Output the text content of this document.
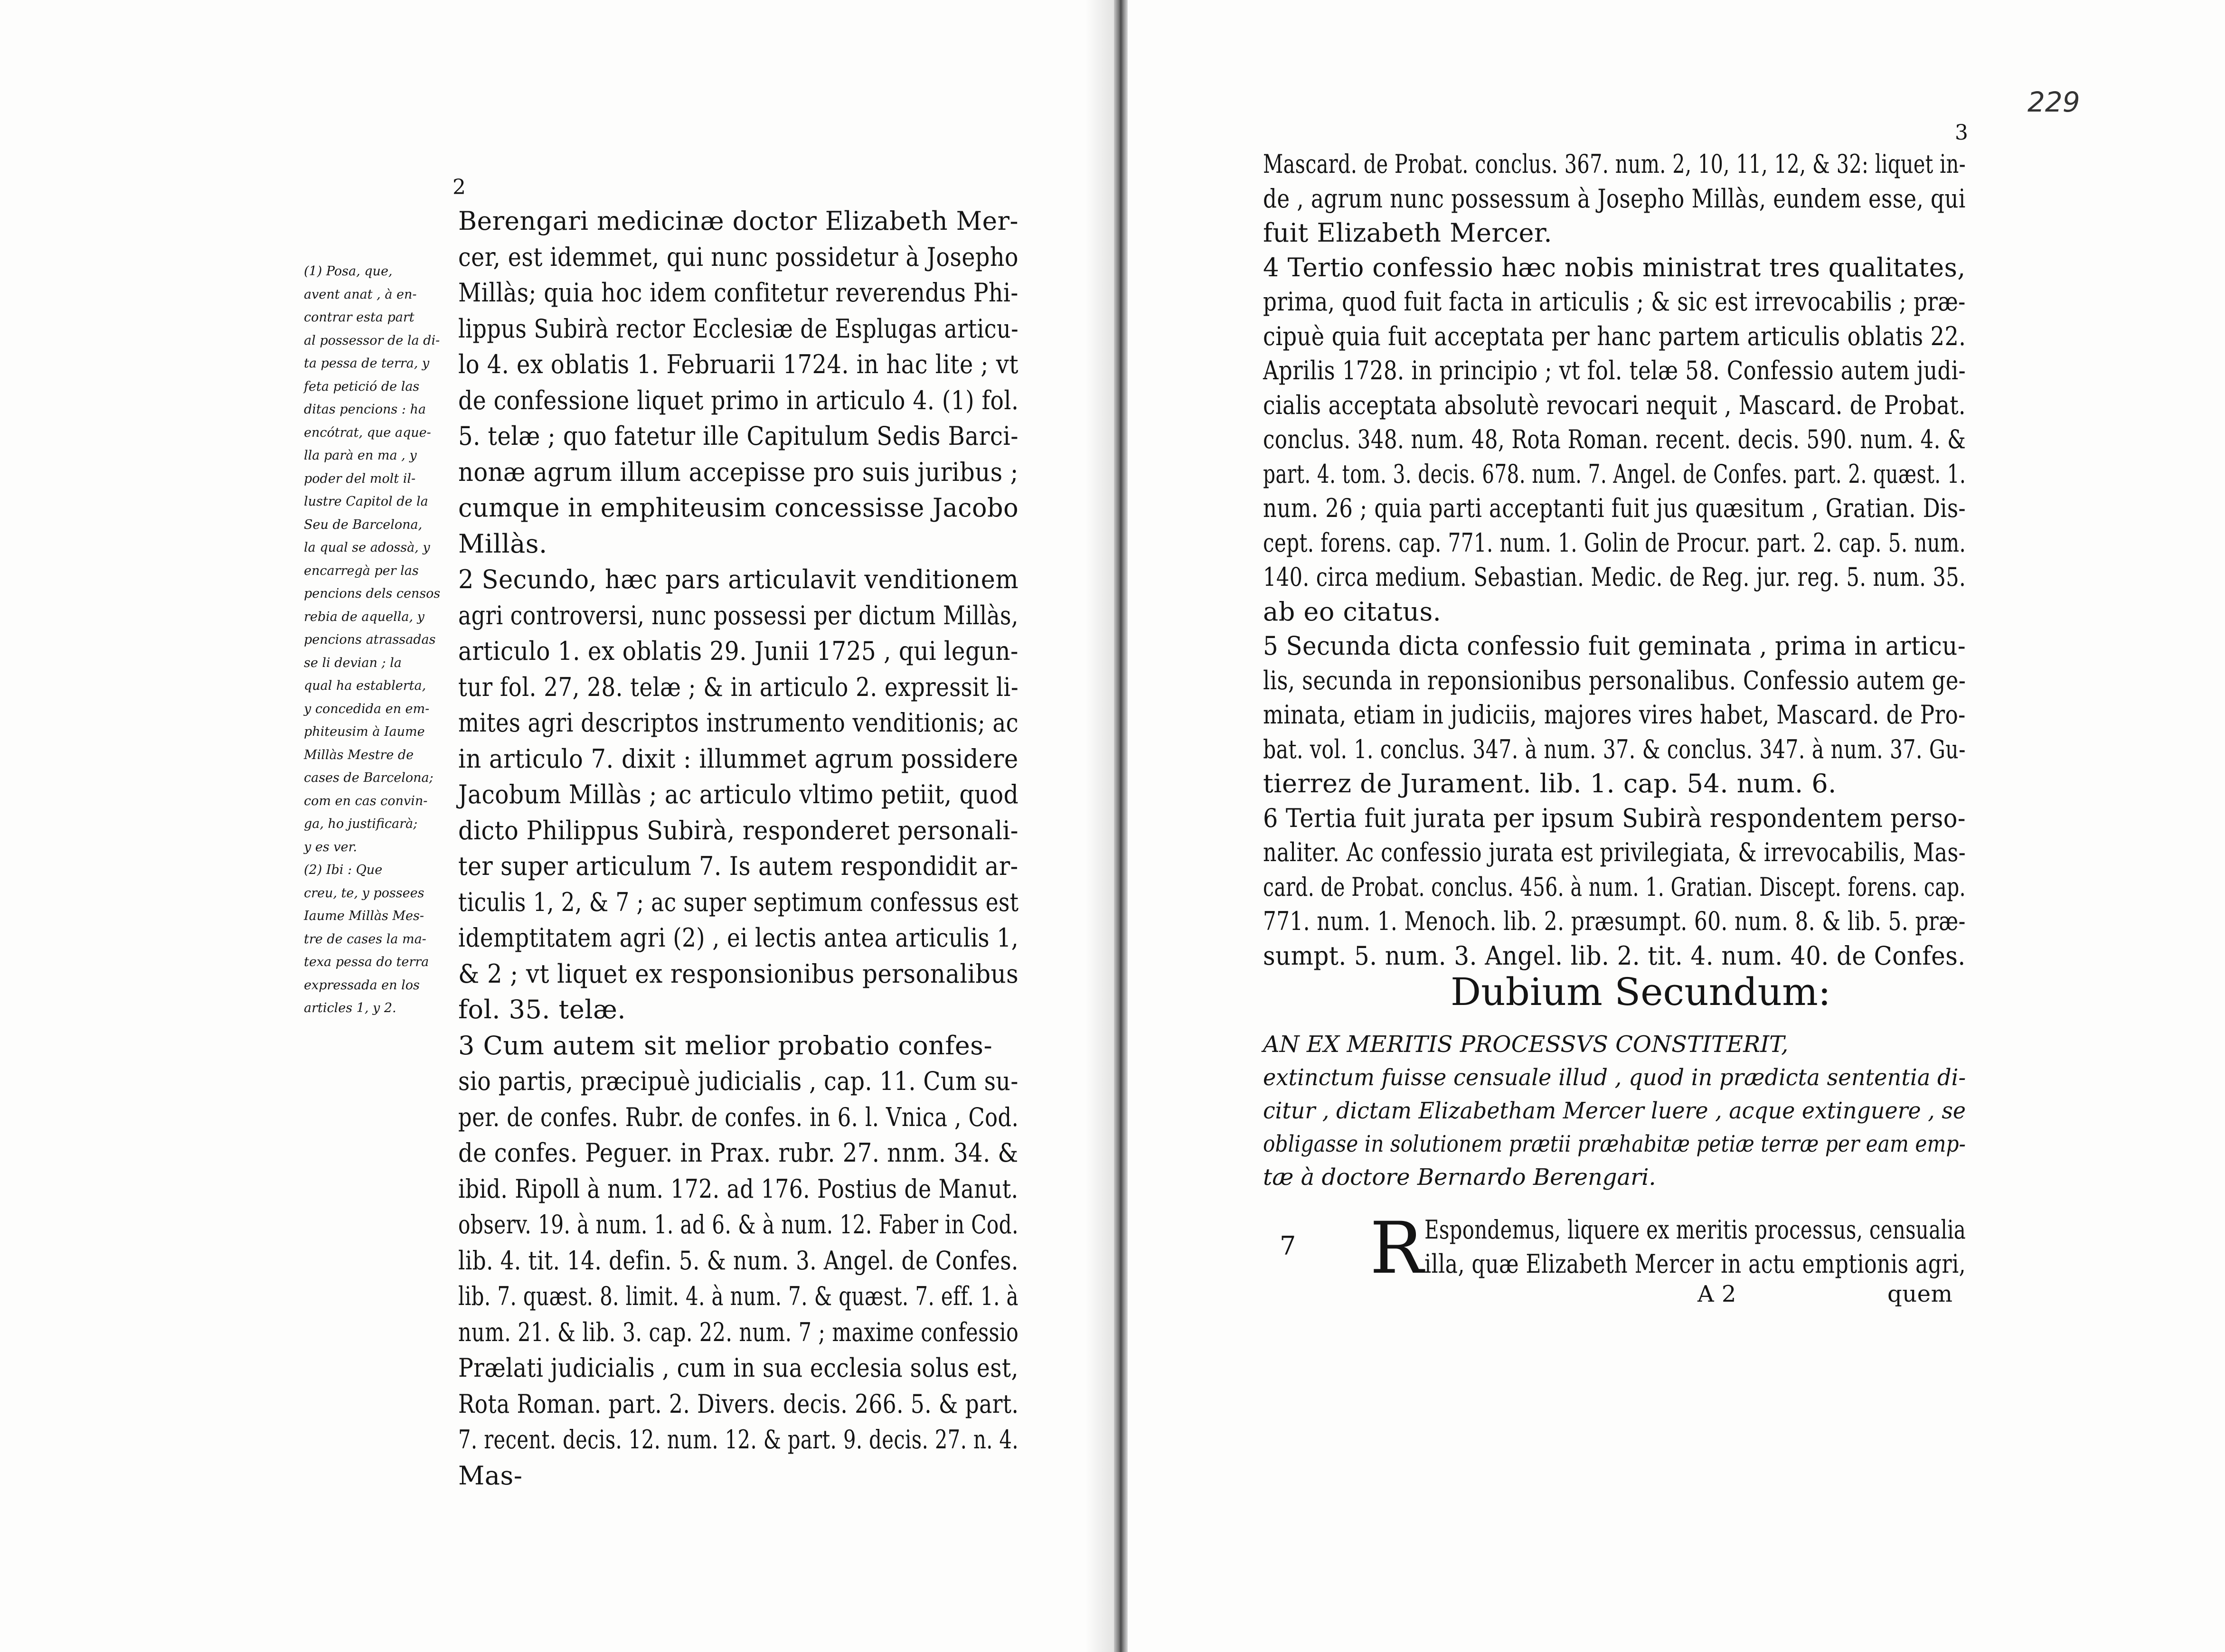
2
(1) Posa, que,
avent anat , à en-
contrar esta part
al possessor de la di-
ta pessa de terra, y
feta petició de las
ditas pencions : ha
encótrat, que aque-
lla parà en ma , y
poder del molt il-
lustre Capitol de la
Seu de Barcelona,
la qual se adossà, y
encarregà per las
pencions dels censos
rebia de aquella, y
pencions atrassadas
se li devian ; la
qual ha establerta,
y concedida en em-
phiteusim à Iaume
Millàs Mestre de
cases de Barcelona;
com en cas convin-
ga, ho justificarà;
y es ver.
(2) Ibi : Que
creu, te, y possees
Iaume Millàs Mes-
tre de cases la ma-
texa pessa do terra
expressada en los
articles 1, y 2.
Berengari medicinæ doctor Elizabeth Mer-
cer, est idemmet, qui nunc possidetur à Josepho
Millàs; quia hoc idem confitetur reverendus Phi-
lippus Subirà rector Ecclesiæ de Esplugas articu-
lo 4. ex oblatis 1. Februarii 1724. in hac lite ; vt
de confessione liquet primo in articulo 4. (1) fol.
5. telæ ; quo fatetur ille Capitulum Sedis Barci-
nonæ agrum illum accepisse pro suis juribus ;
cumque in emphiteusim concessisse Jacobo
Millàs.
2 Secundo, hæc pars articulavit venditionem
agri controversi, nunc possessi per dictum Millàs,
articulo 1. ex oblatis 29. Junii 1725 , qui legun-
tur fol. 27, 28. telæ ; & in articulo 2. expressit li-
mites agri descriptos instrumento venditionis; ac
in articulo 7. dixit : illummet agrum possidere
Jacobum Millàs ; ac articulo vltimo petiit, quod
dicto Philippus Subirà, responderet personali-
ter super articulum 7. Is autem respondidit ar-
ticulis 1, 2, & 7 ; ac super septimum confessus est
idemptitatem agri (2) , ei lectis antea articulis 1,
& 2 ; vt liquet ex responsionibus personalibus
fol. 35. telæ.
3 Cum autem sit melior probatio confes-
sio partis, præcipuè judicialis , cap. 11. Cum su-
per. de confes. Rubr. de confes. in 6. l. Vnica , Cod.
de confes. Peguer. in Prax. rubr. 27. nnm. 34. &
ibid. Ripoll à num. 172. ad 176. Postius de Manut.
observ. 19. à num. 1. ad 6. & à num. 12. Faber in Cod.
lib. 4. tit. 14. defin. 5. & num. 3. Angel. de Confes.
lib. 7. quæst. 8. limit. 4. à num. 7. & quæst. 7. eff. 1. à
num. 21. & lib. 3. cap. 22. num. 7 ; maxime confessio
Prælati judicialis , cum in sua ecclesia solus est,
Rota Roman. part. 2. Divers. decis. 266. 5. & part.
7. recent. decis. 12. num. 12. & part. 9. decis. 27. n. 4.
Mas-
229
3
Mascard. de Probat. conclus. 367. num. 2, 10, 11, 12, & 32: liquet in-
de , agrum nunc possessum à Josepho Millàs, eundem esse, qui
fuit Elizabeth Mercer.
4 Tertio confessio hæc nobis ministrat tres qualitates,
prima, quod fuit facta in articulis ; & sic est irrevocabilis ; præ-
cipuè quia fuit acceptata per hanc partem articulis oblatis 22.
Aprilis 1728. in principio ; vt fol. telæ 58. Confessio autem judi-
cialis acceptata absolutè revocari nequit , Mascard. de Probat.
conclus. 348. num. 48, Rota Roman. recent. decis. 590. num. 4. &
part. 4. tom. 3. decis. 678. num. 7. Angel. de Confes. part. 2. quæst. 1.
num. 26 ; quia parti acceptanti fuit jus quæsitum , Gratian. Dis-
cept. forens. cap. 771. num. 1. Golin de Procur. part. 2. cap. 5. num.
140. circa medium. Sebastian. Medic. de Reg. jur. reg. 5. num. 35.
ab eo citatus.
5 Secunda dicta confessio fuit geminata , prima in articu-
lis, secunda in reponsionibus personalibus. Confessio autem ge-
minata, etiam in judiciis, majores vires habet, Mascard. de Pro-
bat. vol. 1. conclus. 347. à num. 37. & conclus. 347. à num. 37. Gu-
tierrez de Jurament. lib. 1. cap. 54. num. 6.
6 Tertia fuit jurata per ipsum Subirà respondentem perso-
naliter. Ac confessio jurata est privilegiata, & irrevocabilis, Mas-
card. de Probat. conclus. 456. à num. 1. Gratian. Discept. forens. cap.
771. num. 1. Menoch. lib. 2. præsumpt. 60. num. 8. & lib. 5. præ-
sumpt. 5. num. 3. Angel. lib. 2. tit. 4. num. 40. de Confes.
Dubium Secundum:
AN EX MERITIS PROCESSVS CONSTITERIT,
extinctum fuisse censuale illud , quod in prædicta sententia di-
citur , dictam Elizabetham Mercer luere , acque extinguere , se
obligasse in solutionem prætii præhabitæ petiæ terræ per eam emp-
tæ à doctore Bernardo Berengari.
7 R Espondemus, liquere ex meritis processus, censualia
illa, quæ Elizabeth Mercer in actu emptionis agri,
A 2	quem
